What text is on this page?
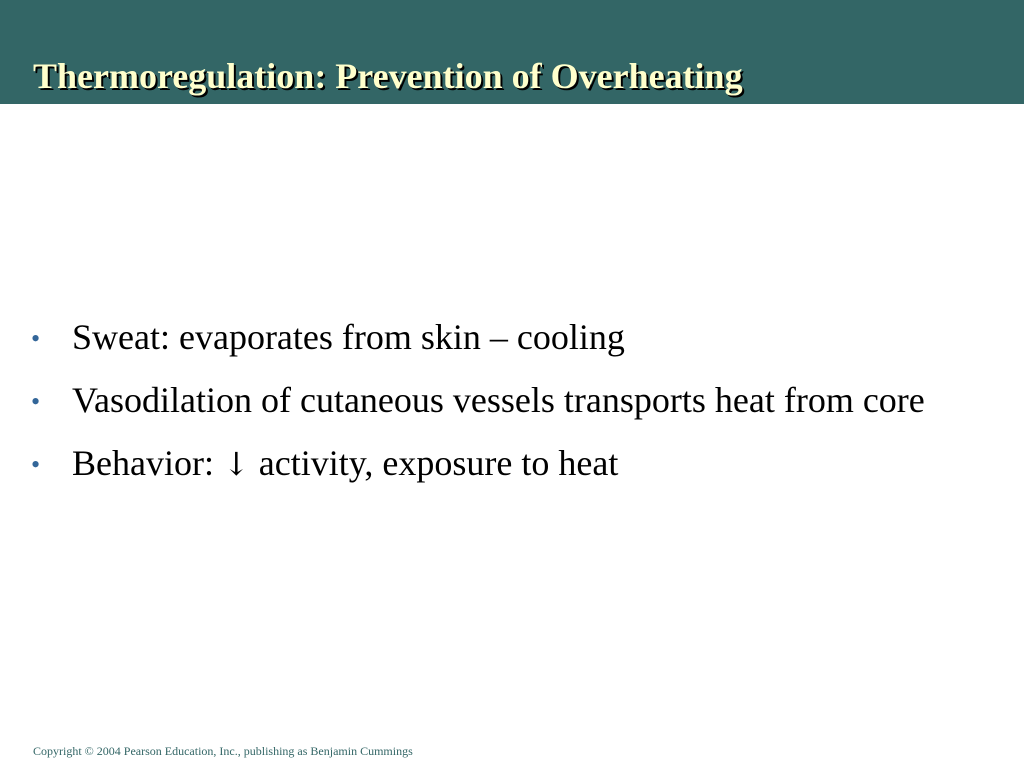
Thermoregulation: Prevention of Overheating
• Sweat: evaporates from skin – cooling
• Vasodilation of cutaneous vessels transports heat from core
• Behavior: ↓ activity, exposure to heat
Copyright © 2004 Pearson Education, Inc., publishing as Benjamin Cummings
